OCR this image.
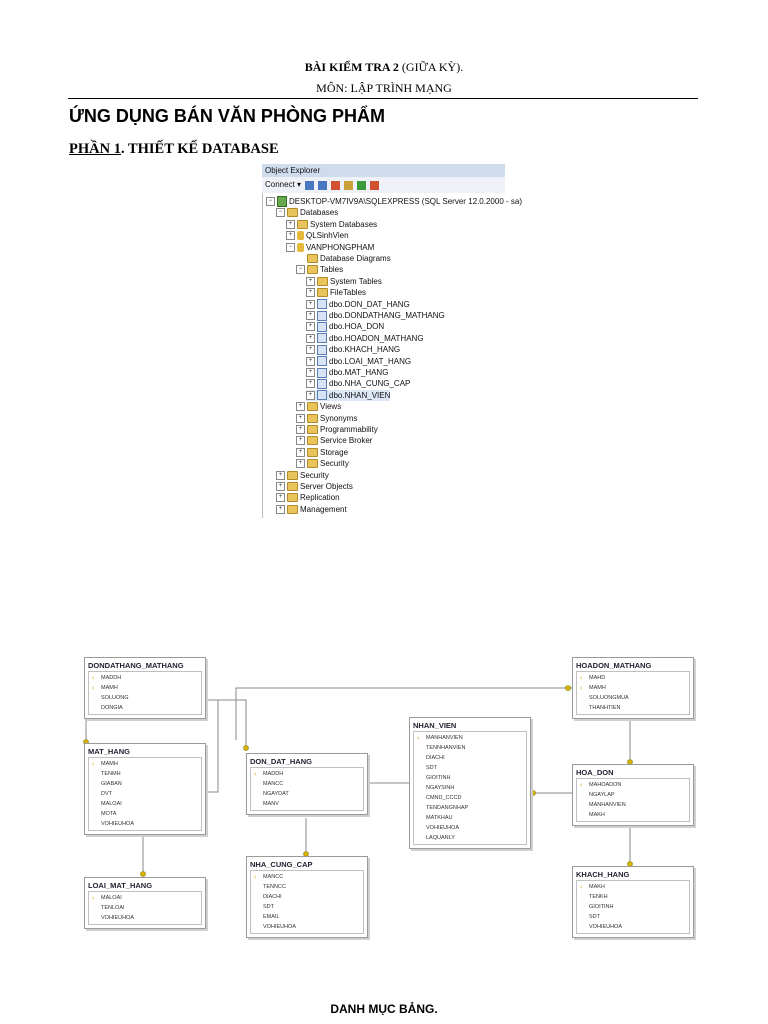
BÀI KIỂM TRA 2 (GIỮA KỲ).
MÔN: LẬP TRÌNH MẠNG
ỨNG DỤNG BÁN VĂN PHÒNG PHẨM
PHẦN 1. THIẾT KẾ DATABASE
Object Explorer
Connect ▾
−	DESKTOP-VM7IV9A\SQLEXPRESS (SQL Server 12.0.2000 - sa)
−	Databases
+	System Databases
+	QLSinhVien
−	VANPHONGPHAM
Database Diagrams
−	Tables
+	System Tables
+	FileTables
+	dbo.DON_DAT_HANG
+	dbo.DONDATHANG_MATHANG
+	dbo.HOA_DON
+	dbo.HOADON_MATHANG
+	dbo.KHACH_HANG
+	dbo.LOAI_MAT_HANG
+	dbo.MAT_HANG
+	dbo.NHA_CUNG_CAP
+	dbo.NHAN_VIEN
+	Views
+	Synonyms
+	Programmability
+	Service Broker
+	Storage
+	Security
+	Security
+	Server Objects
+	Replication
+	Management
DONDATHANG_MATHANG
♀ MADDH
♀ MAMH
SOLUONG
DONGIA
MAT_HANG
♀ MAMH
TENMH
GIABAN
DVT
MALOAI
MOTA
VOHIEUHOA
LOAI_MAT_HANG
♀ MALOAI
TENLOAI
VOHIEUHOA
DON_DAT_HANG
♀ MADDH
MANCC
NGAYDAT
MANV
NHA_CUNG_CAP
♀ MANCC
TENNCC
DIACHI
SDT
EMAIL
VOHIEUHOA
NHAN_VIEN
♀ MANHANVIEN
TENNHANVIEN
DIACHI
SDT
GIOITINH
NGAYSINH
CMND_CCCD
TENDANGNHAP
MATKHAU
VOHIEUHOA
LAQUANLY
HOADON_MATHANG
♀ MAHD
♀ MAMH
SOLUONGMUA
THANHTIEN
HOA_DON
♀ MAHOADON
NGAYLAP
MANHANVIEN
MAKH
KHACH_HANG
♀ MAKH
TENKH
GIOITINH
SDT
VOHIEUHOA
DANH MỤC BẢNG.
